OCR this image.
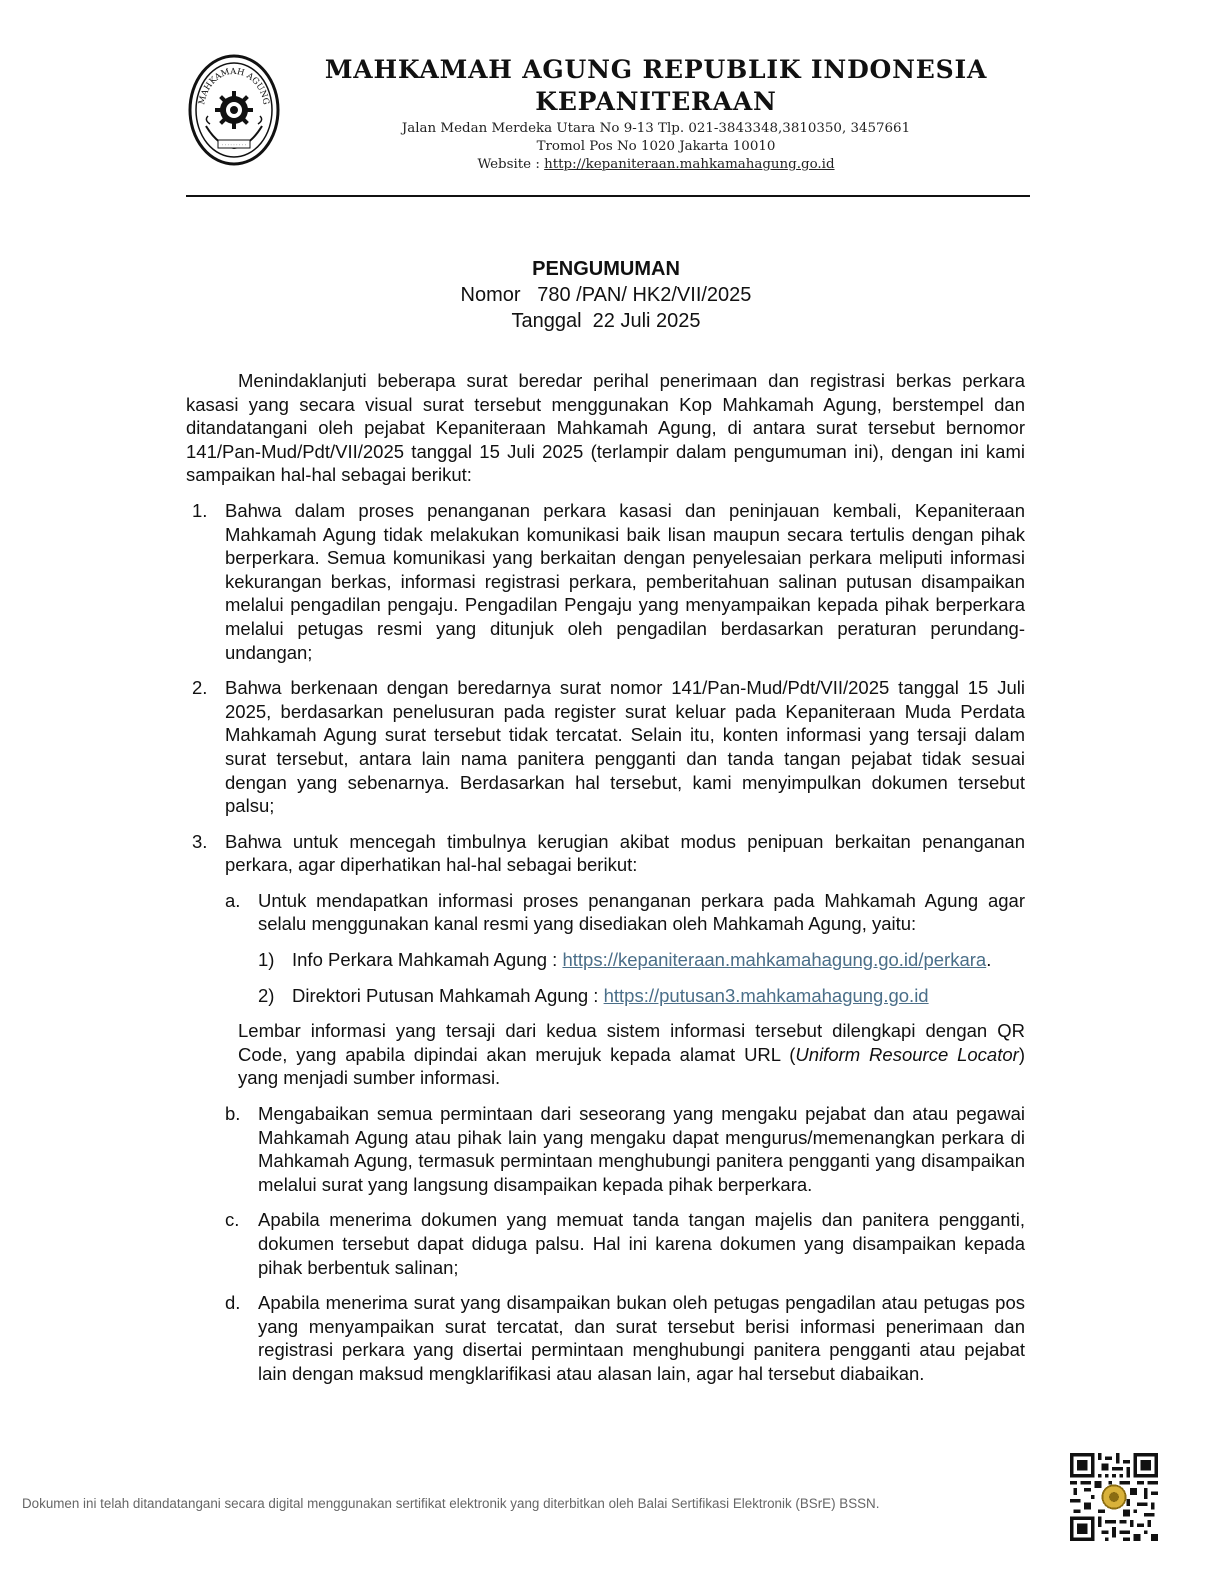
MAHKAMAH AGUNG
· · · · · · · · ·
MAHKAMAH AGUNG REPUBLIK INDONESIA
KEPANITERAAN
Jalan Medan Merdeka Utara No 9-13 Tlp. 021-3843348,3810350, 3457661
Tromol Pos No 1020 Jakarta 10010
Website : http://kepaniteraan.mahkamahagung.go.id
PENGUMUMAN
Nomor   780 /PAN/ HK2/VII/2025
Tanggal  22 Juli 2025

Menindaklanjuti beberapa surat beredar perihal penerimaan dan registrasi berkas perkara kasasi yang secara visual surat tersebut menggunakan Kop Mahkamah Agung, berstempel dan ditandatangani oleh pejabat Kepaniteraan Mahkamah Agung, di antara surat tersebut bernomor 141/Pan-Mud/Pdt/VII/2025 tanggal 15 Juli 2025 (terlampir dalam pengumuman ini), dengan ini kami sampaikan hal-hal sebagai berikut:

1. Bahwa dalam proses penanganan perkara kasasi dan peninjauan kembali, Kepaniteraan Mahkamah Agung tidak melakukan komunikasi baik lisan maupun secara tertulis dengan pihak berperkara. Semua komunikasi yang berkaitan dengan penyelesaian perkara meliputi informasi kekurangan berkas, informasi registrasi perkara, pemberitahuan salinan putusan disampaikan melalui pengadilan pengaju. Pengadilan Pengaju yang menyampaikan kepada pihak berperkara melalui petugas resmi yang ditunjuk oleh pengadilan berdasarkan peraturan perundang-undangan;
2. Bahwa berkenaan dengan beredarnya surat nomor 141/Pan-Mud/Pdt/VII/2025 tanggal 15 Juli 2025, berdasarkan penelusuran pada register surat keluar pada Kepaniteraan Muda Perdata Mahkamah Agung surat tersebut tidak tercatat. Selain itu, konten informasi yang tersaji dalam surat tersebut, antara lain nama panitera pengganti dan tanda tangan pejabat tidak sesuai dengan yang sebenarnya. Berdasarkan hal tersebut, kami menyimpulkan dokumen tersebut palsu;
3. Bahwa untuk mencegah timbulnya kerugian akibat modus penipuan berkaitan penanganan perkara, agar diperhatikan hal-hal sebagai berikut:
a. Untuk mendapatkan informasi proses penanganan perkara pada Mahkamah Agung agar selalu menggunakan kanal resmi yang disediakan oleh Mahkamah Agung, yaitu:
1) Info Perkara Mahkamah Agung : https://kepaniteraan.mahkamahagung.go.id/perkara.
2) Direktori Putusan Mahkamah Agung : https://putusan3.mahkamahagung.go.id

Lembar informasi yang tersaji dari kedua sistem informasi tersebut dilengkapi dengan QR Code, yang apabila dipindai akan merujuk kepada alamat URL (Uniform Resource Locator) yang menjadi sumber informasi.

b. Mengabaikan semua permintaan dari seseorang yang mengaku pejabat dan atau pegawai Mahkamah Agung atau pihak lain yang mengaku dapat mengurus/memenangkan perkara di Mahkamah Agung, termasuk permintaan menghubungi panitera pengganti yang disampaikan melalui surat yang langsung disampaikan kepada pihak berperkara.
c. Apabila menerima dokumen yang memuat tanda tangan majelis dan panitera pengganti, dokumen tersebut dapat diduga palsu. Hal ini karena dokumen yang disampaikan kepada pihak berbentuk salinan;
d. Apabila menerima surat yang disampaikan bukan oleh petugas pengadilan atau petugas pos yang menyampaikan surat tercatat, dan surat tersebut berisi informasi penerimaan dan registrasi perkara yang disertai permintaan menghubungi panitera pengganti atau pejabat lain dengan maksud mengklarifikasi atau alasan lain, agar hal tersebut diabaikan.
Dokumen ini telah ditandatangani secara digital menggunakan sertifikat elektronik yang diterbitkan oleh Balai Sertifikasi Elektronik (BSrE) BSSN.
